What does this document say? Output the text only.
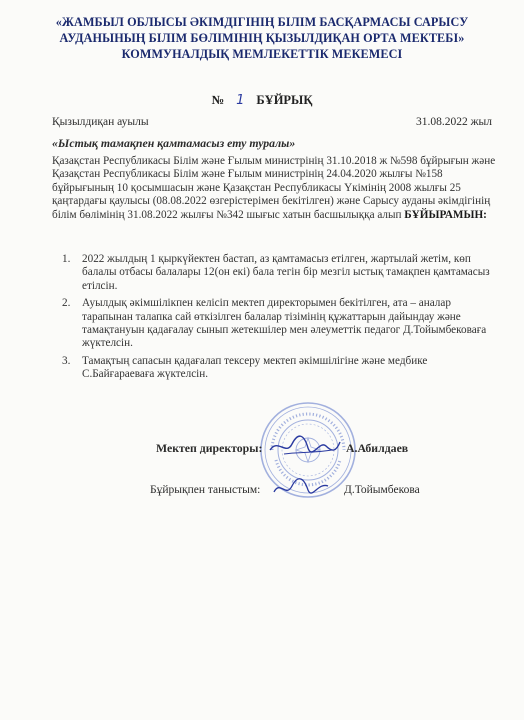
«ЖАМБЫЛ ОБЛЫСЫ ӘКІМДІГІНІҢ БІЛІМ БАСҚАРМАСЫ САРЫСУ
АУДАНЫНЫҢ БІЛІМ БӨЛІМІНІҢ ҚЫЗЫЛДИҚАН ОРТА МЕКТЕБІ»
КОММУНАЛДЫҚ МЕМЛЕКЕТТІК МЕКЕМЕСІ
№ 1 БҰЙРЫҚ
Қызылдиқан ауылы	31.08.2022 жыл
«Ыстық тамақпен қамтамасыз ету туралы»
Қазақстан Республикасы Білім және Ғылым министрінің 31.10.2018 ж №598 бұйрығын және Қазақстан Республикасы Білім және Ғылым министрінің 24.04.2020 жылғы №158 бұйрығының 10 қосымшасын және Қазақстан Республикасы Үкімінің 2008 жылғы 25 қаңтардағы қаулысы (08.08.2022 өзгерістерімен бекітілген) және Сарысу ауданы әкімдігінің білім бөлімінің 31.08.2022 жылғы №342 шығыс хатын басшылыққа алып БҰЙЫРАМЫН:
1. 2022 жылдың 1 қыркүйектен бастап, аз қамтамасыз етілген, жартылай жетім, көп балалы отбасы балалары 12(он екі) бала тегін бір мезгіл ыстық тамақпен қамтамасыз етілсін.
2. Ауылдық әкімшілікпен келісіп мектеп директорымен бекітілген, ата – аналар тарапынан талапка сай өткізілген балалар тізімінің құжаттарын дайындау және тамақтануын қадағалау сынып жетекшілер мен әлеуметтік педагог Д.Тойымбековаға жүктелсін.
3. Тамақтың сапасын қадағалап тексеру мектеп әкімшілігіне және медбике С.Байғараеваға жүктелсін.
Мектеп директоры:	А.Абилдаев
Бұйрықпен таныстым:	Д.Тойымбекова
